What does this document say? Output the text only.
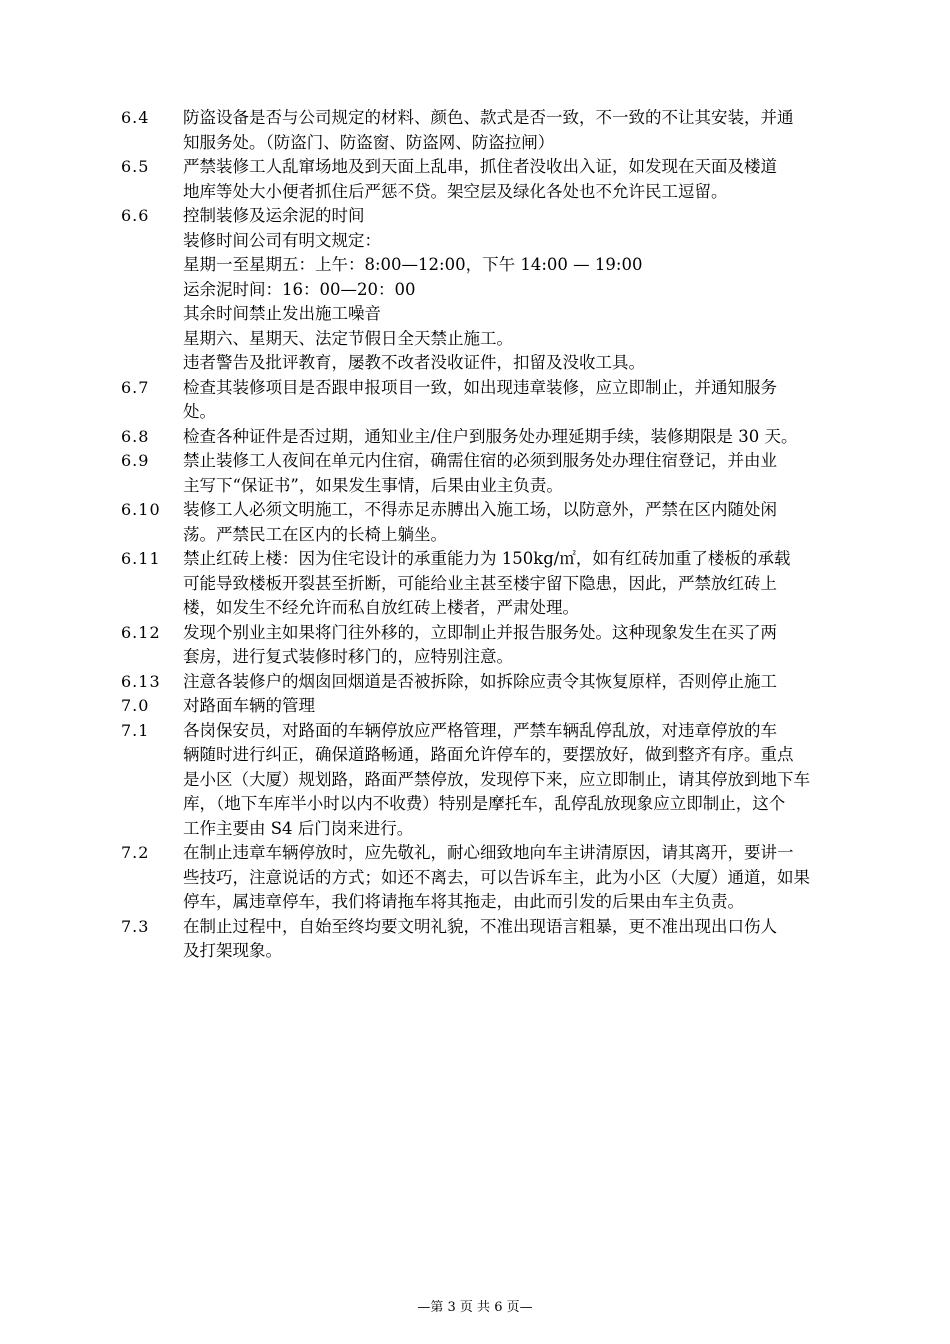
6.4 防盗设备是否与公司规定的材料、颜色、款式是否一致，不一致的不让其安装，并通
知服务处。（防盗门、防盗窗、防盗网、防盗拉闸）
6.5 严禁装修工人乱窜场地及到天面上乱串，抓住者没收出入证，如发现在天面及楼道
地库等处大小便者抓住后严惩不贷。架空层及绿化各处也不允许民工逗留。
6.6 控制装修及运余泥的时间
装修时间公司有明文规定：
星期一至星期五：上午：8:00—12:00，下午 14:00 — 19:00
运余泥时间：16：00—20：00
其余时间禁止发出施工噪音
星期六、星期天、法定节假日全天禁止施工。
违者警告及批评教育，屡教不改者没收证件，扣留及没收工具。
6.7 检查其装修项目是否跟申报项目一致，如出现违章装修，应立即制止，并通知服务
处。
6.8 检查各种证件是否过期，通知业主/住户到服务处办理延期手续，装修期限是 30 天。
6.9 禁止装修工人夜间在单元内住宿，确需住宿的必须到服务处办理住宿登记，并由业
主写下“保证书”，如果发生事情，后果由业主负责。
6.10 装修工人必须文明施工，不得赤足赤膊出入施工场，以防意外，严禁在区内随处闲
荡。严禁民工在区内的长椅上躺坐。
6.11 禁止红砖上楼：因为住宅设计的承重能力为 150kg/㎡，如有红砖加重了楼板的承载
可能导致楼板开裂甚至折断，可能给业主甚至楼宇留下隐患，因此，严禁放红砖上
楼，如发生不经允许而私自放红砖上楼者，严肃处理。
6.12 发现个别业主如果将门往外移的，立即制止并报告服务处。这种现象发生在买了两
套房，进行复式装修时移门的，应特别注意。
6.13 注意各装修户的烟囱回烟道是否被拆除，如拆除应责令其恢复原样，否则停止施工
7.0 对路面车辆的管理
7.1 各岗保安员，对路面的车辆停放应严格管理，严禁车辆乱停乱放，对违章停放的车
辆随时进行纠正，确保道路畅通，路面允许停车的，要摆放好，做到整齐有序。重点
是小区（大厦）规划路，路面严禁停放，发现停下来，应立即制止，请其停放到地下车
库，（地下车库半小时以内不收费）特别是摩托车，乱停乱放现象应立即制止，这个
工作主要由 S4 后门岗来进行。
7.2 在制止违章车辆停放时，应先敬礼，耐心细致地向车主讲清原因，请其离开，要讲一
些技巧，注意说话的方式；如还不离去，可以告诉车主，此为小区（大厦）通道，如果
停车，属违章停车，我们将请拖车将其拖走，由此而引发的后果由车主负责。
7.3 在制止过程中，自始至终均要文明礼貌，不准出现语言粗暴，更不准出现出口伤人
及打架现象。
—第 3 页 共 6 页—
